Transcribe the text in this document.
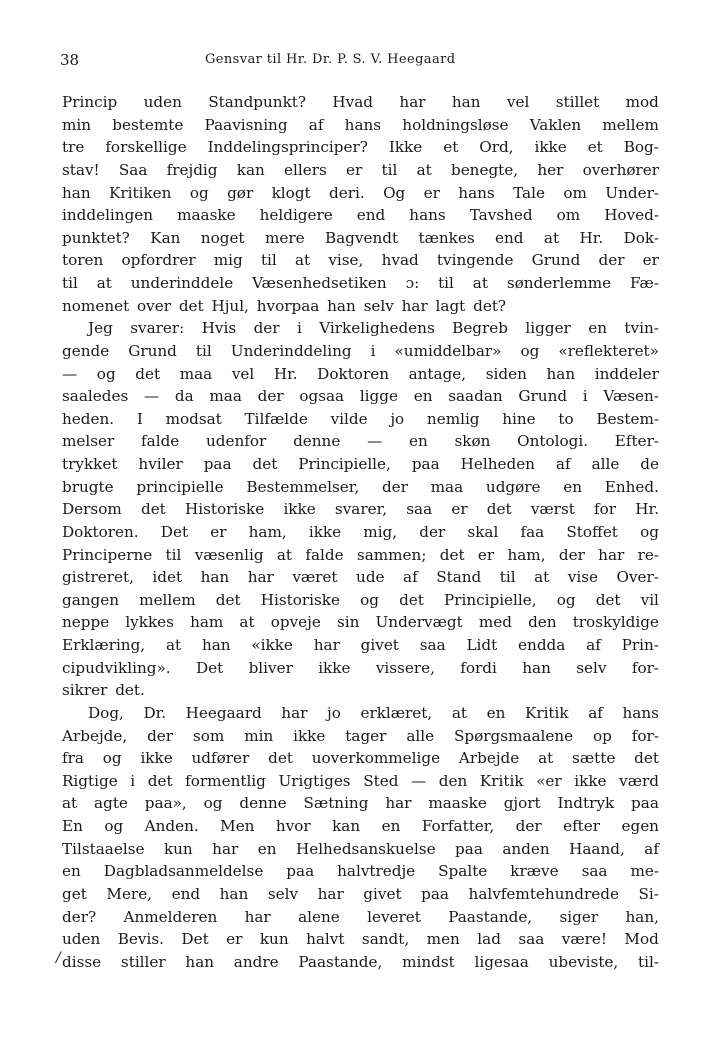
38	Gensvar til Hr. Dr. P. S. V. Heegaard
Princip uden Standpunkt? Hvad har han vel stillet mod
min bestemte Paavisning af hans holdningsløse Vaklen mellem
tre forskellige Inddelingsprinciper? Ikke et Ord, ikke et Bog-
stav! Saa frejdig kan ellers er til at benegte, her overhører
han Kritiken og gør klogt deri. Og er hans Tale om Under-
inddelingen maaske heldigere end hans Tavshed om Hoved-
punktet? Kan noget mere Bagvendt tænkes end at Hr. Dok-
toren opfordrer mig til at vise, hvad tvingende Grund der er
til at underinddele Væsenhedsetiken ɔ: til at sønderlemme Fæ-
nomenet over det Hjul, hvorpaa han selv har lagt det?
Jeg svarer: Hvis der i Virkelighedens Begreb ligger en tvin-
gende Grund til Underinddeling i «umiddelbar» og «reflekteret»
— og det maa vel Hr. Doktoren antage, siden han inddeler
saaledes — da maa der ogsaa ligge en saadan Grund i Væsen-
heden. I modsat Tilfælde vilde jo nemlig hine to Bestem-
melser falde udenfor denne — en skøn Ontologi. Efter-
trykket hviler paa det Principielle, paa Helheden af alle de
brugte principielle Bestemmelser, der maa udgøre en Enhed.
Dersom det Historiske ikke svarer, saa er det værst for Hr.
Doktoren. Det er ham, ikke mig, der skal faa Stoffet og
Principerne til væsenlig at falde sammen; det er ham, der har re-
gistreret, idet han har været ude af Stand til at vise Over-
gangen mellem det Historiske og det Principielle, og det vil
neppe lykkes ham at opveje sin Undervægt med den troskyldige
Erklæring, at han «ikke har givet saa Lidt endda af Prin-
cipudvikling». Det bliver ikke vissere, fordi han selv for-
sikrer det.
Dog, Dr. Heegaard har jo erklæret, at en Kritik af hans
Arbejde, der som min ikke tager alle Spørgsmaalene op for-
fra og ikke udfører det uoverkommelige Arbejde at sætte det
Rigtige i det formentlig Urigtiges Sted — den Kritik «er ikke værd
at agte paa», og denne Sætning har maaske gjort Indtryk paa
En og Anden. Men hvor kan en Forfatter, der efter egen
Tilstaaelse kun har en Helhedsanskuelse paa anden Haand, af
en Dagbladsanmeldelse paa halvtredje Spalte kræve saa me-
get Mere, end han selv har givet paa halvfemtehundrede Si-
der? Anmelderen har alene leveret Paastande, siger han,
uden Bevis. Det er kun halvt sandt, men lad saa være! Mod
disse stiller han andre Paastande, mindst ligesaa ubeviste, til-
/
